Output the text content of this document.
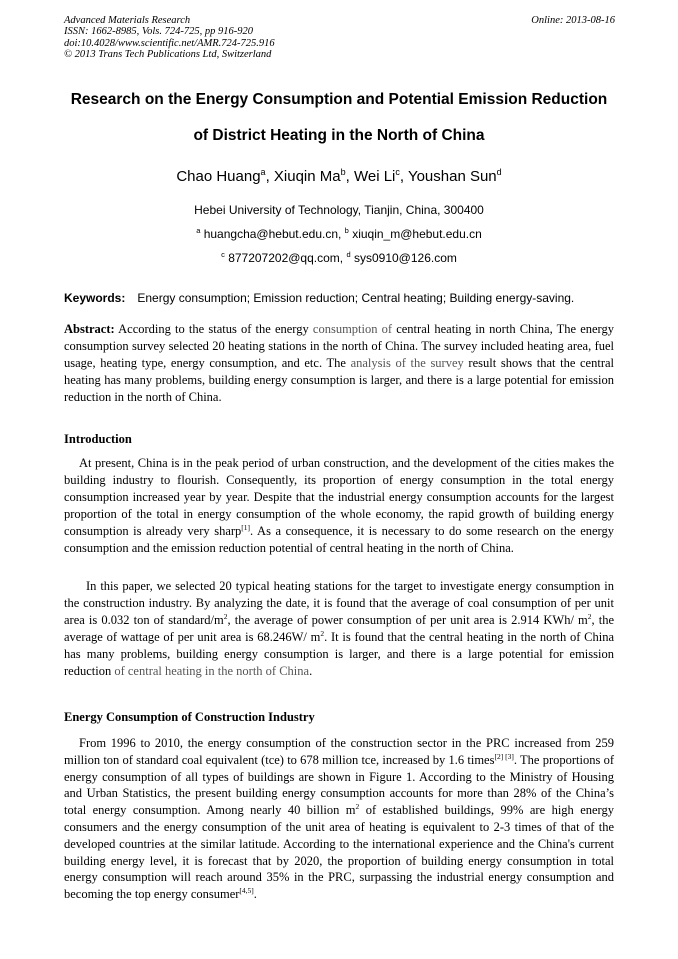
Advanced Materials Research
ISSN: 1662-8985, Vols. 724-725, pp 916-920
doi:10.4028/www.scientific.net/AMR.724-725.916
© 2013 Trans Tech Publications Ltd, Switzerland
Online: 2013-08-16
Research on the Energy Consumption and Potential Emission Reduction
of District Heating in the North of China
Chao Huang$^a$, Xiuqin Ma$^b$, Wei Li$^c$, Youshan Sun$^d$
Hebei University of Technology, Tianjin, China, 300400
$^a$ huangcha@hebut.edu.cn, $^b$ xiuqin_m@hebut.edu.cn
$^c$ 877207202@qq.com, $^d$ sys0910@126.com
Keywords: Energy consumption; Emission reduction; Central heating; Building energy-saving.
Abstract: According to the status of the energy consumption of central heating in north China, The energy consumption survey selected 20 heating stations in the north of China. The survey included heating area, fuel usage, heating type, energy consumption, and etc. The analysis of the survey result shows that the central heating has many problems, building energy consumption is larger, and there is a large potential for emission reduction in the north of China.
Introduction
At present, China is in the peak period of urban construction, and the development of the cities makes the building industry to flourish. Consequently, its proportion of energy consumption in the total energy consumption increased year by year. Despite that the industrial energy consumption accounts for the largest proportion of the total in energy consumption of the whole economy, the rapid growth of building energy consumption is already very sharp[1]. As a consequence, it is necessary to do some research on the energy consumption and the emission reduction potential of central heating in the north of China.
In this paper, we selected 20 typical heating stations for the target to investigate energy consumption in the construction industry. By analyzing the date, it is found that the average of coal consumption of per unit area is 0.032 ton of standard/$m^2$, the average of power consumption of per unit area is 2.914 KWh/ $m^2$, the average of wattage of per unit area is 68.246W/ $m^2$. It is found that the central heating in the north of China has many problems, building energy consumption is larger, and there is a large potential for emission reduction of central heating in the north of China.
Energy Consumption of Construction Industry
From 1996 to 2010, the energy consumption of the construction sector in the PRC increased from 259 million ton of standard coal equivalent (tce) to 678 million tce, increased by 1.6 times[2] [3]. The proportions of energy consumption of all types of buildings are shown in Figure 1. According to the Ministry of Housing and Urban Statistics, the present building energy consumption accounts for more than 28% of the China’s total energy consumption. Among nearly 40 billion $m^2$ of established buildings, 99% are high energy consumers and the energy consumption of the unit area of heating is equivalent to 2-3 times of that of the developed countries at the similar latitude. According to the international experience and the China's current building energy level, it is forecast that by 2020, the proportion of building energy consumption in total energy consumption will reach around 35% in the PRC, surpassing the industrial energy consumption and becoming the top energy consumer[4,5].
